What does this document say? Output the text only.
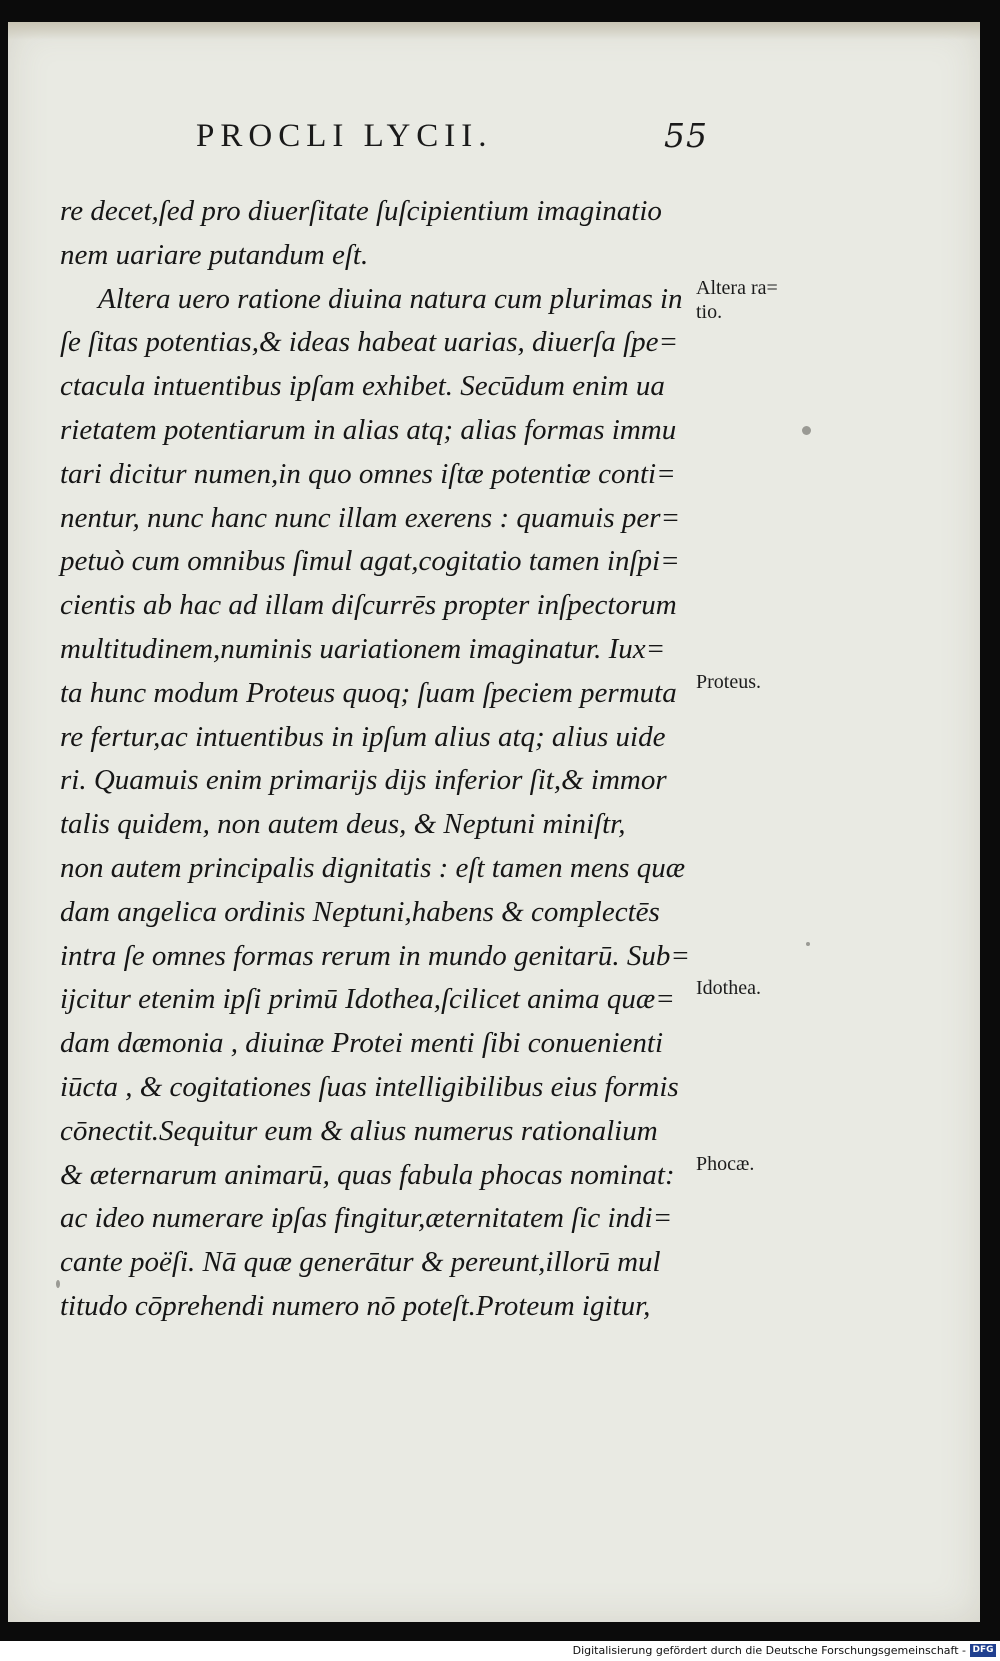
PROCLI LYCII.	55
re decet,ſed pro diuerſitate ſuſcipientium imaginatio
nem uariare putandum eſt.
Altera uero ratione diuina natura cum plurimas in
ſe ſitas potentias,& ideas habeat uarias, diuerſa ſpe=
ctacula intuentibus ipſam exhibet. Secūdum enim ua
rietatem potentiarum in alias atq; alias formas immu
tari dicitur numen,in quo omnes iſtæ potentiæ conti=
nentur, nunc hanc nunc illam exerens : quamuis per=
petuò cum omnibus ſimul agat,cogitatio tamen inſpi=
cientis ab hac ad illam diſcurrēs propter inſpectorum
multitudinem,numinis uariationem imaginatur. Iux=
ta hunc modum Proteus quoq; ſuam ſpeciem permuta
re fertur,ac intuentibus in ipſum alius atq; alius uide
ri. Quamuis enim primarijs dijs inferior ſit,& immor
talis quidem, non autem deus, & Neptuni miniſtr,
non autem principalis dignitatis : eſt tamen mens quæ
dam angelica ordinis Neptuni,habens & complectēs
intra ſe omnes formas rerum in mundo genitarū. Sub=
ijcitur etenim ipſi primū Idothea,ſcilicet anima quæ=
dam dæmonia , diuinæ Protei menti ſibi conuenienti
iūcta , & cogitationes ſuas intelligibilibus eius formis
cōnectit.Sequitur eum & alius numerus rationalium
& æternarum animarū, quas fabula phocas nominat:
ac ideo numerare ipſas fingitur,æternitatem ſic indi=
cante poëſi. Nā quæ generātur & pereunt,illorū mul
titudo cōprehendi numero nō poteſt.Proteum igitur,
Altera ra=
tio.
Proteus.
Idothea.
Phocæ.
Digitalisierung gefördert durch die Deutsche Forschungsgemeinschaft - DFG
